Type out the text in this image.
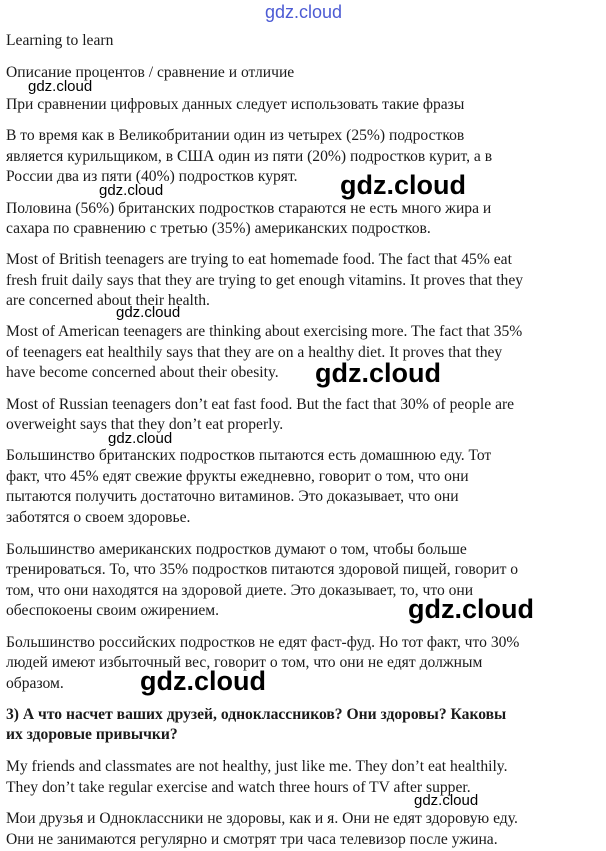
Learning to learn
Описание процентов / сравнение и отличие
При сравнении цифровых данных следует использовать такие фразы
В то время как в Великобритании один из четырех (25%) подростков
является курильщиком, в США один из пяти (20%) подростков курит, а в
России два из пяти (40%) подростков курят.
Половина (56%) британских подростков стараются не есть много жира и
сахара по сравнению с третью (35%) американских подростков.
Most of British teenagers are trying to eat homemade food. The fact that 45% eat
fresh fruit daily says that they are trying to get enough vitamins. It proves that they
are concerned about their health.
Most of American teenagers are thinking about exercising more. The fact that 35%
of teenagers eat healthily says that they are on a healthy diet. It proves that they
have become concerned about their obesity.
Most of Russian teenagers don’t eat fast food. But the fact that 30% of people are
overweight says that they don’t eat properly.
Большинство британских подростков пытаются есть домашнюю еду. Тот
факт, что 45% едят свежие фрукты ежедневно, говорит о том, что они
пытаются получить достаточно витаминов. Это доказывает, что они
заботятся о своем здоровье.
Большинство американских подростков думают о том, чтобы больше
тренироваться. То, что 35% подростков питаются здоровой пищей, говорит о
том, что они находятся на здоровой диете. Это доказывает, то, что они
обеспокоены своим ожирением.
Большинство российских подростков не едят фаст-фуд. Но тот факт, что 30%
людей имеют избыточный вес, говорит о том, что они не едят должным
образом.
3) А что насчет ваших друзей, одноклассников? Они здоровы? Каковы
их здоровые привычки?
My friends and classmates are not healthy, just like me. They don’t eat healthily.
They don’t take regular exercise and watch three hours of TV after supper.
Мои друзья и Одноклассники не здоровы, как и я. Они не едят здоровую еду.
Они не занимаются регулярно и смотрят три часа телевизор после ужина.
gdz.cloud
gdz.cloud
gdz.cloud	gdz.cloud
gdz.cloud
gdz.cloud
gdz.cloud
gdz.cloud
gdz.cloud
gdz.cloud
